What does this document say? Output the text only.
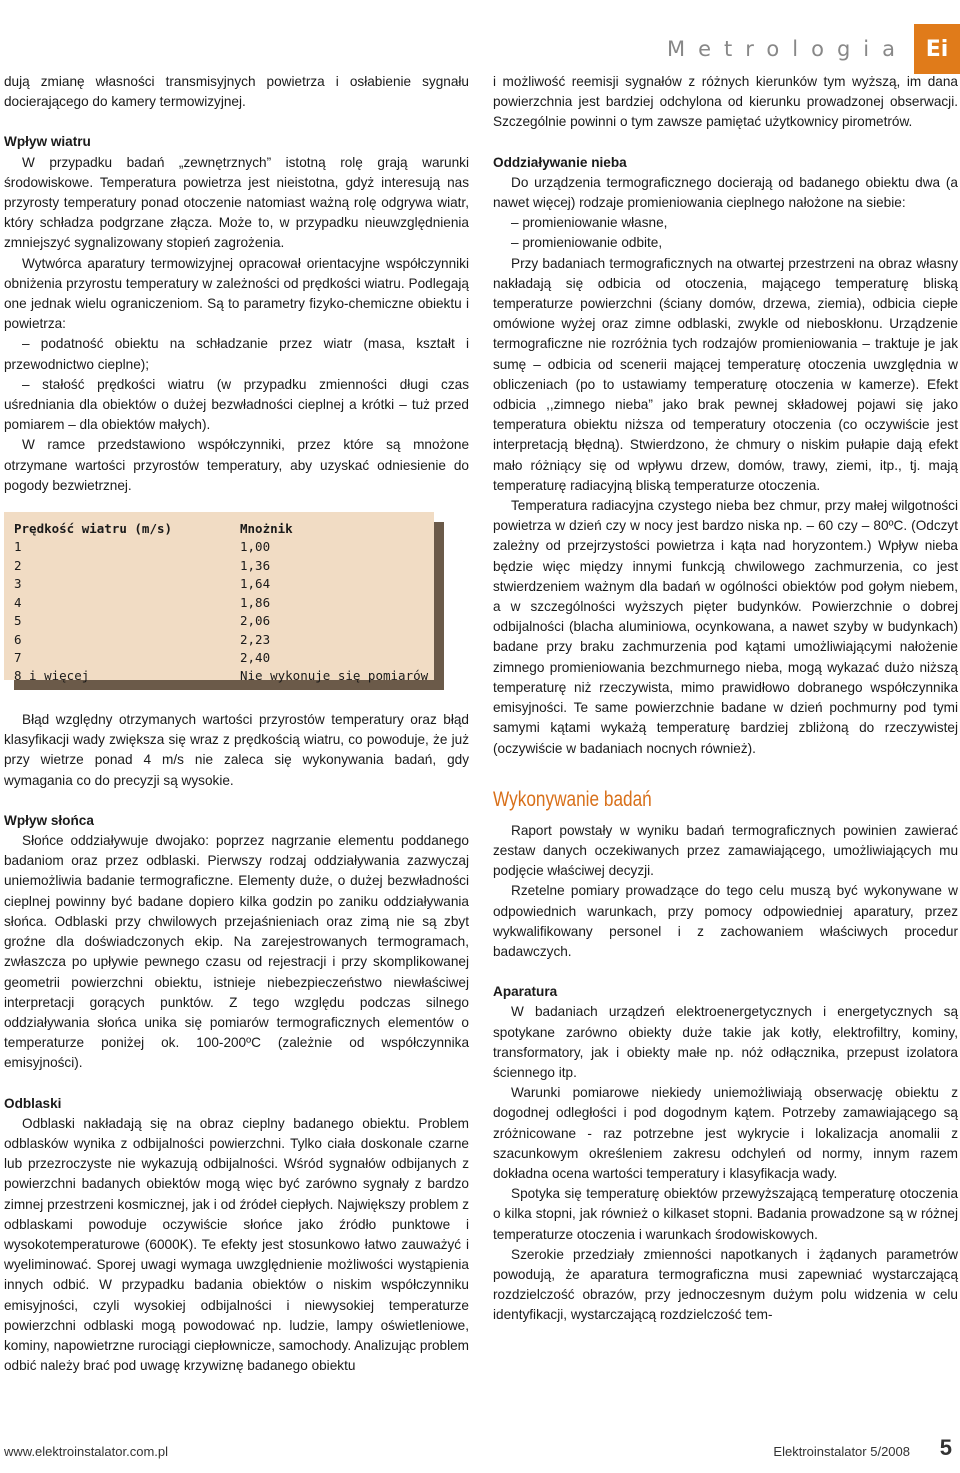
Metrologia Ei

dują zmianę własności transmisyjnych powietrza i osłabienie sygnału docierającego do kamery termowizyjnej.

Wpływ wiatru

W przypadku badań „zewnętrznych” istotną rolę grają warunki środowiskowe. Temperatura powietrza jest nieistotna, gdyż interesują nas przyrosty temperatury ponad otoczenie natomiast ważną rolę odgrywa wiatr, który schładza podgrzane złącza. Może to, w przypadku nieuwzględnienia zmniejszyć sygnalizowany stopień zagrożenia.

Wytwórca aparatury termowizyjnej opracował orientacyjne współczynniki obniżenia przyrostu temperatury w zależności od prędkości wiatru. Podlegają one jednak wielu ograniczeniom. Są to parametry fizyko-chemiczne obiektu i powietrza:

– podatność obiektu na schładzanie przez wiatr (masa, kształt i przewodnictwo cieplne);

– stałość prędkości wiatru (w przypadku zmienności długi czas uśredniania dla obiektów o dużej bezwładności cieplnej a krótki – tuż przed pomiarem – dla obiektów małych).

W ramce przedstawiono współczynniki, przez które są mnożone otrzymane wartości przyrostów temperatury, aby uzyskać odniesienie do pogody bezwietrznej.

Prędkość wiatru (m/s)	Mnożnik
1	1,00
2	1,36
3	1,64
4	1,86
5	2,06
6	2,23
7	2,40
8 i więcej	Nie wykonuje się pomiarów

Błąd względny otrzymanych wartości przyrostów temperatury oraz błąd klasyfikacji wady zwiększa się wraz z prędkością wiatru, co powoduje, że już przy wietrze ponad 4 m/s nie zaleca się wykonywania badań, gdy wymagania co do precyzji są wysokie.

Wpływ słońca

Słońce oddziaływuje dwojako: poprzez nagrzanie elementu poddanego badaniom oraz przez odblaski. Pierwszy rodzaj oddziaływania zazwyczaj uniemożliwia badanie termograficzne. Elementy duże, o dużej bezwładności cieplnej powinny być badane dopiero kilka godzin po zaniku oddziaływania słońca. Odblaski przy chwilowych przejaśnieniach oraz zimą nie są zbyt groźne dla doświadczonych ekip. Na zarejestrowanych termogramach, zwłaszcza po upływie pewnego czasu od rejestracji i przy skomplikowanej geometrii powierzchni obiektu, istnieje niebezpieczeństwo niewłaściwej interpretacji gorących punktów. Z tego względu podczas silnego oddziaływania słońca unika się pomiarów termograficznych elementów o temperaturze poniżej ok. 100-200ºC (zależnie od współczynnika emisyjności).

Odblaski

Odblaski nakładają się na obraz cieplny badanego obiektu. Problem odblasków wynika z odbijalności powierzchni. Tylko ciała doskonale czarne lub przezroczyste nie wykazują odbijalności. Wśród sygnałów odbijanych z powierzchni badanych obiektów mogą więc być zarówno sygnały z bardzo zimnej przestrzeni kosmicznej, jak i od źródeł ciepłych. Największy problem z odblaskami powoduje oczywiście słońce jako źródło punktowe i wysokotemperaturowe (6000K). Te efekty jest stosunkowo łatwo zauważyć i wyeliminować. Sporej uwagi wymaga uwzględnienie możliwości wystąpienia innych odbić. W przypadku badania obiektów o niskim współczynniku emisyjności, czyli wysokiej odbijalności i niewysokiej temperaturze powierzchni odblaski mogą powodować np. ludzie, lampy oświetleniowe, kominy, napowietrzne rurociągi ciepłownicze, samochody. Analizując problem odbić należy brać pod uwagę krzywiznę badanego obiektu

i możliwość reemisji sygnałów z różnych kierunków tym wyższą, im dana powierzchnia jest bardziej odchylona od kierunku prowadzonej obserwacji. Szczególnie powinni o tym zawsze pamiętać użytkownicy pirometrów.

Oddziaływanie nieba

Do urządzenia termograficznego docierają od badanego obiektu dwa (a nawet więcej) rodzaje promieniowania cieplnego nałożone na siebie:

– promieniowanie własne,

– promieniowanie odbite,

Przy badaniach termograficznych na otwartej przestrzeni na obraz własny nakładają się odbicia od otoczenia, mającego temperaturę bliską temperaturze powierzchni (ściany domów, drzewa, ziemia), odbicia ciepłe omówione wyżej oraz zimne odblaski, zwykle od nieboskłonu. Urządzenie termograficzne nie rozróżnia tych rodzajów promieniowania – traktuje je jak sumę – odbicia od scenerii mającej temperaturę otoczenia uwzględnia w obliczeniach (po to ustawiamy temperaturę otoczenia w kamerze). Efekt odbicia ,,zimnego nieba” jako brak pewnej składowej pojawi się jako temperatura obiektu niższa od temperatury otoczenia (co oczywiście jest interpretacją błędną). Stwierdzono, że chmury o niskim pułapie dają efekt mało różniący się od wpływu drzew, domów, trawy, ziemi, itp., tj. mają temperaturę radiacyjną bliską temperaturze otoczenia.

Temperatura radiacyjna czystego nieba bez chmur, przy małej wilgotności powietrza w dzień czy w nocy jest bardzo niska np. – 60 czy – 80ºC. (Odczyt zależny od przejrzystości powietrza i kąta nad horyzontem.) Wpływ nieba będzie więc między innymi funkcją chwilowego zachmurzenia, co jest stwierdzeniem ważnym dla badań w ogólności obiektów pod gołym niebem, a w szczególności wyższych pięter budynków. Powierzchnie o dobrej odbijalności (blacha aluminiowa, ocynkowana, a nawet szyby w budynkach) badane przy braku zachmurzenia pod kątami umożliwiającymi nałożenie zimnego promieniowania bezchmurnego nieba, mogą wykazać dużo niższą temperaturę niż rzeczywista, mimo prawidłowo dobranego współczynnika emisyjności. Te same powierzchnie badane w dzień pochmurny pod tymi samymi kątami wykażą temperaturę bardziej zbliżoną do rzeczywistej (oczywiście w badaniach nocnych również).

Wykonywanie badań

Raport powstały w wyniku badań termograficznych powinien zawierać zestaw danych oczekiwanych przez zamawiającego, umożliwiających mu podjęcie właściwej decyzji.

Rzetelne pomiary prowadzące do tego celu muszą być wykonywane w odpowiednich warunkach, przy pomocy odpowiedniej aparatury, przez wykwalifikowany personel i z zachowaniem właściwych procedur badawczych.

Aparatura

W badaniach urządzeń elektroenergetycznych i energetycznych są spotykane zarówno obiekty duże takie jak kotły, elektrofiltry, kominy, transformatory, jak i obiekty małe np. nóż odłącznika, przepust izolatora ściennego itp.

Warunki pomiarowe niekiedy uniemożliwiają obserwację obiektu z dogodnej odległości i pod dogodnym kątem. Potrzeby zamawiającego są zróżnicowane - raz potrzebne jest wykrycie i lokalizacja anomalii z szacunkowym określeniem zakresu odchyleń od normy, innym razem dokładna ocena wartości temperatury i klasyfikacja wady.

Spotyka się temperaturę obiektów przewyższającą temperaturę otoczenia o kilka stopni, jak również o kilkaset stopni. Badania prowadzone są w różnej temperaturze otoczenia i warunkach środowiskowych.

Szerokie przedziały zmienności napotkanych i żądanych parametrów powodują, że aparatura termograficzna musi zapewniać wystarczającą rozdzielczość obrazów, przy jednoczesnym dużym polu widzenia w celu identyfikacji, wystarczającą rozdzielczość tem-

www.elektroinstalator.com.pl	Elektroinstalator 5/2008 5
